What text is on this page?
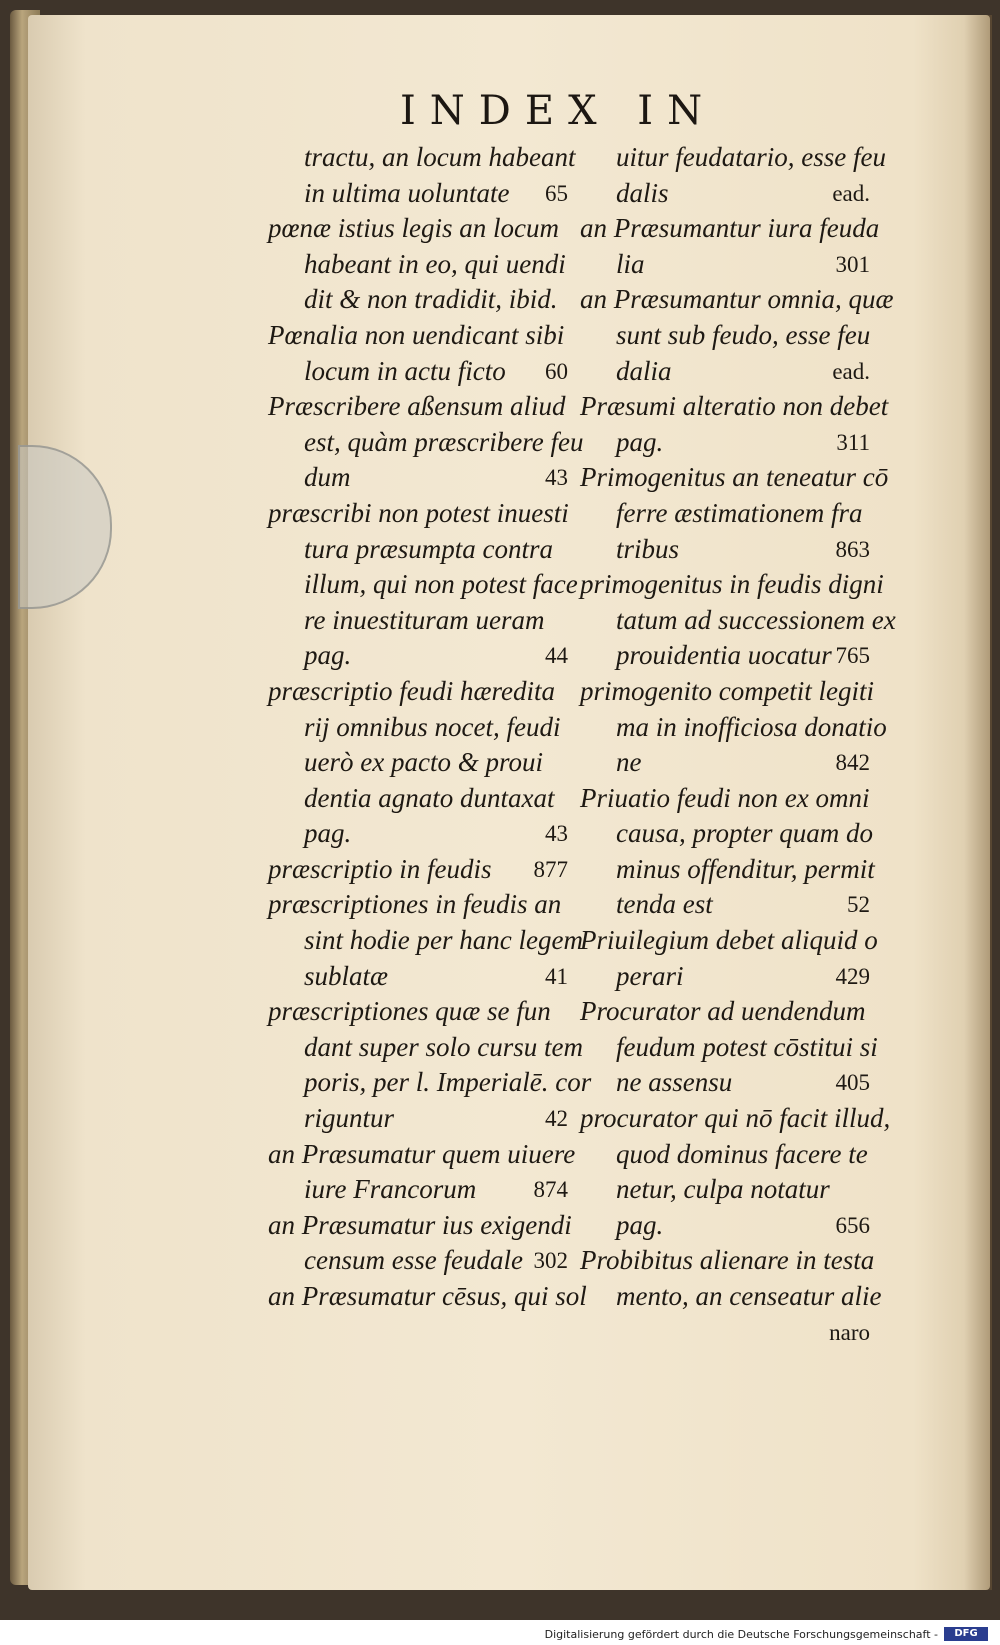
INDEX IN
tractu, an locum habeant
in ultima uoluntate 65
pœnæ istius legis an locum
habeant in eo, qui uendi
dit & non tradidit, ibid.
Pœnalia non uendicant sibi
locum in actu ficto 60
Præscribere aßensum aliud
est, quàm præscribere feu
dum	43
præscribi non potest inuesti
tura præsumpta contra
illum, qui non potest face
re inuestituram ueram
pag.	44
præscriptio feudi hæredita
rij omnibus nocet, feudi
uerò ex pacto & proui
dentia agnato duntaxat
pag.	43
præscriptio in feudis 877
præscriptiones in feudis an
sint hodie per hanc legem
sublatæ	41
præscriptiones quæ se fun
dant super solo cursu tem
poris, per l. Imperialē. cor
riguntur	42
an Præsumatur quem uiuere
iure Francorum 874
an Præsumatur ius exigendi
censum esse feudale 302
an Præsumatur cēsus, qui sol
uitur feudatario, esse feu
dalis	ead.
an Præsumantur iura feuda
lia	301
an Præsumantur omnia, quæ
sunt sub feudo, esse feu
dalia	ead.
Præsumi alteratio non debet
pag.	311
Primogenitus an teneatur cō
ferre æstimationem fra
tribus	863
primogenitus in feudis digni
tatum ad successionem ex
prouidentia uocatur 765
primogenito competit legiti
ma in inofficiosa donatio
ne	842
Priuatio feudi non ex omni
causa, propter quam do
minus offenditur, permit
tenda est	52
Priuilegium debet aliquid o
perari	429
Procurator ad uendendum
feudum potest cōstitui si
ne assensu	405
procurator qui nō facit illud,
quod dominus facere te
netur, culpa notatur
pag.	656
Probibitus alienare in testa
mento, an censeatur alie
naro
Digitalisierung gefördert durch die Deutsche Forschungsgemeinschaft -	DFG
